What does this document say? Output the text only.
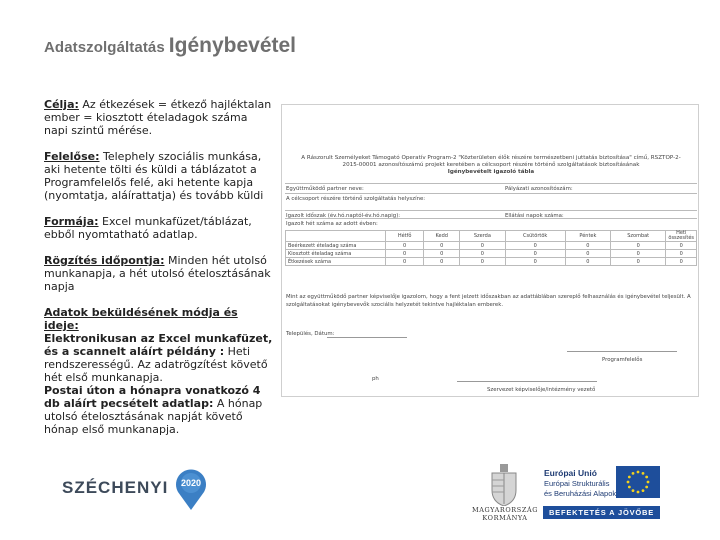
Adatszolgáltatás Igénybevétel

Célja: Az étkezések = étkező hajléktalan ember = kiosztott ételadagok száma napi szintű mérése.

Felelőse: Telephely szociális munkása, aki hetente tölti és küldi a táblázatot a Programfelelős felé, aki hetente kapja (nyomtatja, aláírattatja) és tovább küldi

Formája: Excel munkafüzet/táblázat, ebből nyomtatható adatlap.

Rögzítés időpontja: Minden hét utolsó munkanapja, a hét utolsó ételosztásának napja

Adatok beküldésének módja és ideje:

Elektronikusan az Excel munkafüzet, és a scannelt aláírt példány : Heti rendszerességű. Az adatrögzítést követő hét első munkanapja.

Postai úton a hónapra vonatkozó 4 db aláírt pecsételt adatlap: A hónap utolsó ételosztásának napját követő hónap első munkanapja.

A Rászorult Személyeket Támogató Operatív Program-2 "Közterületen élők részére természetbeni juttatás biztosítása" című, RSZTOP-2-
2015-00001 azonosítószámú projekt keretében a célcsoport részére történő szolgáltatások biztosításának
Igénybevételt igazoló tábla
Együttműködő partner neve:	Pályázati azonosítószám:
A célcsoport részére történő szolgáltatás helyszíne:
Igazolt időszak (év.hó.naptól-év.hó.napig):	Ellátási napok száma:
Igazolt hét száma az adott évben:
	Hétfő	Kedd	Szerda	Csütörtök	Péntek	Szombat	Heti összesítés
Beérkezett ételadag száma	0	0	0	0	0	0	0
Kiosztott ételadag száma	0	0	0	0	0	0	0
Étkezések száma	0	0	0	0	0	0	0
Mint az együttműködő partner képviselője igazolom, hogy a fent jelzett időszakban az adattáblában szereplő felhasználás és igénybevétel teljesült. A szolgáltatásokat igénybevevők szociális helyzetét tekintve hajléktalan emberek.
Település, Dátum:
Programfelelős
ph
Szervezet képviselője/intézmény vezető
SZÉCHENYI 2020
MAGYARORSZÁG KORMÁNYA
Európai Unió
Európai Strukturális
és Beruházási Alapok
BEFEKTETÉS A JÖVŐBE
